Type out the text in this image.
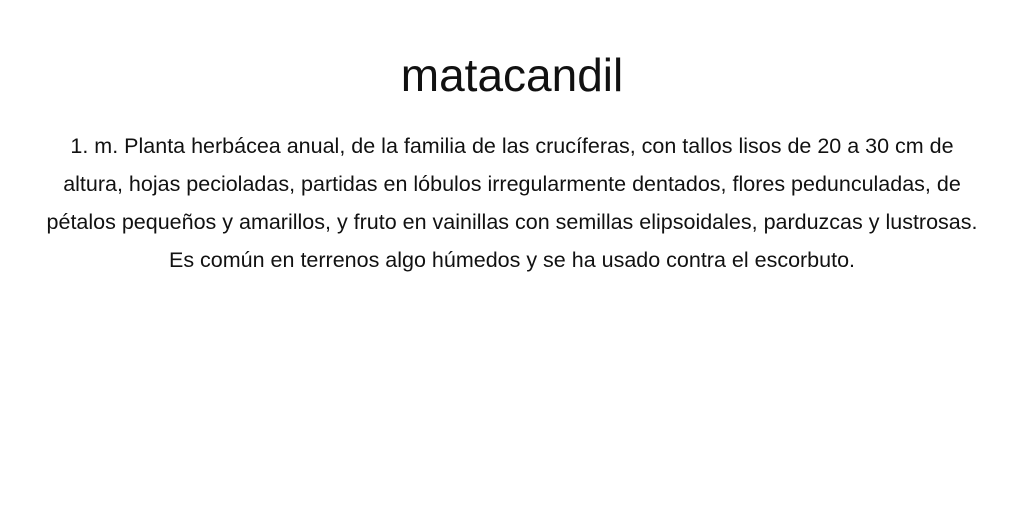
matacandil

1. m. Planta herbácea anual, de la familia de las crucíferas, con tallos lisos de 20 a 30 cm de altura, hojas pecioladas, partidas en lóbulos irregularmente dentados, flores pedunculadas, de pétalos pequeños y amarillos, y fruto en vainillas con semillas elipsoidales, parduzcas y lustrosas. Es común en terrenos algo húmedos y se ha usado contra el escorbuto.
